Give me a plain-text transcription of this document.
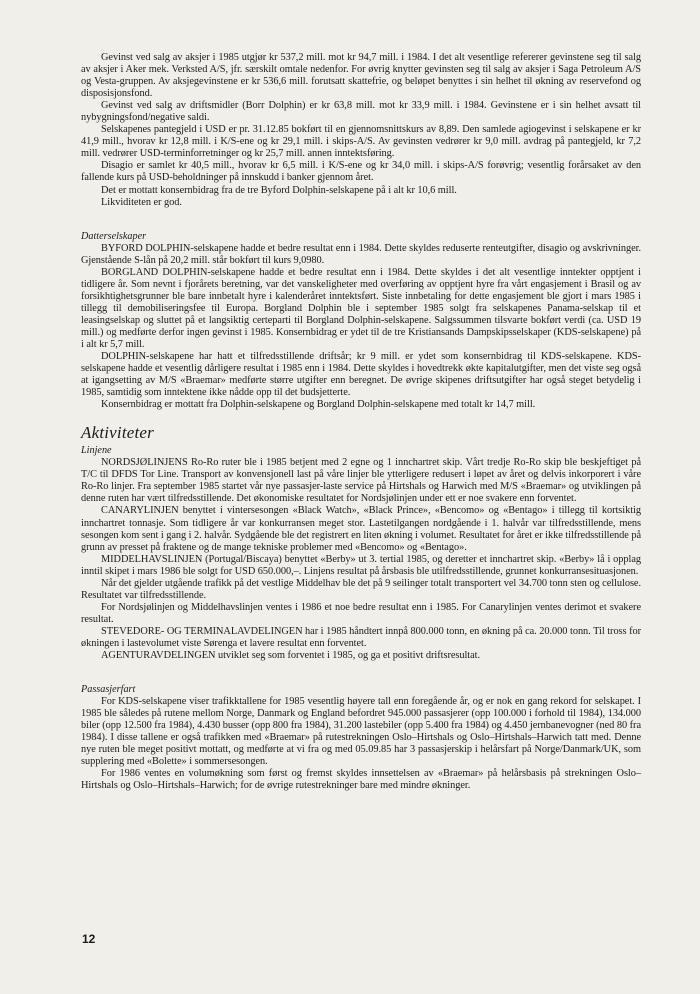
Gevinst ved salg av aksjer i 1985 utgjør kr 537,2 mill. mot kr 94,7 mill. i 1984. I det alt vesentlige refererer gevinstene seg til salg av aksjer i Aker mek. Verksted A/S, jfr. særskilt omtale nedenfor. For øvrig knytter gevinsten seg til salg av aksjer i Saga Petroleum A/S og Vesta-gruppen. Av aksjegevinstene er kr 536,6 mill. forutsatt skattefrie, og beløpet benyttes i sin helhet til økning av reservefond og disposisjonsfond.

Gevinst ved salg av driftsmidler (Borr Dolphin) er kr 63,8 mill. mot kr 33,9 mill. i 1984. Gevinstene er i sin helhet avsatt til nybygningsfond/negative saldi.

Selskapenes pantegjeld i USD er pr. 31.12.85 bokført til en gjennomsnittskurs av 8,89. Den samlede agiogevinst i selskapene er kr 41,9 mill., hvorav kr 12,8 mill. i K/S-ene og kr 29,1 mill. i skips-A/S. Av gevinsten vedrører kr 9,0 mill. avdrag på pantegjeld, kr 7,2 mill. vedrører USD-terminforretninger og kr 25,7 mill. annen inntektsføring.

Disagio er samlet kr 40,5 mill., hvorav kr 6,5 mill. i K/S-ene og kr 34,0 mill. i skips-A/S forøvrig; vesentlig forårsaket av den fallende kurs på USD-beholdninger på innskudd i banker gjennom året.

Det er mottatt konsernbidrag fra de tre Byford Dolphin-selskapene på i alt kr 10,6 mill.

Likviditeten er god.

Datterselskaper

BYFORD DOLPHIN-selskapene hadde et bedre resultat enn i 1984. Dette skyldes reduserte renteutgifter, disagio og avskrivninger. Gjenstående S-lån på 20,2 mill. står bokført til kurs 9,0980.

BORGLAND DOLPHIN-selskapene hadde et bedre resultat enn i 1984. Dette skyldes i det alt vesentlige inntekter opptjent i tidligere år. Som nevnt i fjorårets beretning, var det vanskeligheter med overføring av opptjent hyre fra vårt engasjement i Brasil og av forsikhtighetsgrunner ble bare innbetalt hyre i kalenderåret inntektsført. Siste innbetaling for dette engasjement ble gjort i mars 1985 i tillegg til demobiliseringsfee til Europa. Borgland Dolphin ble i september 1985 solgt fra selskapenes Panama-selskap til et leasingselskap og sluttet på et langsiktig certeparti til Borgland Dolphin-selskapene. Salgssummen tilsvarte bokført verdi (ca. USD 19 mill.) og medførte derfor ingen gevinst i 1985. Konsernbidrag er ydet til de tre Kristiansands Dampskipsselskaper (KDS-selskapene) på i alt kr 5,7 mill.

DOLPHIN-selskapene har hatt et tilfredsstillende driftsår; kr 9 mill. er ydet som konsernbidrag til KDS-selskapene. KDS-selskapene hadde et vesentlig dårligere resultat i 1985 enn i 1984. Dette skyldes i hovedtrekk økte kapitalutgifter, men det viste seg også at igangsetting av M/S «Braemar» medførte større utgifter enn beregnet. De øvrige skipenes driftsutgifter har også steget betydelig i 1985, samtidig som inntektene ikke nådde opp til det budsjetterte.

Konsernbidrag er mottatt fra Dolphin-selskapene og Borgland Dolphin-selskapene med totalt kr 14,7 mill.

Aktiviteter
Linjene

NORDSJØLINJENS Ro-Ro ruter ble i 1985 betjent med 2 egne og 1 innchartret skip. Vårt tredje Ro-Ro skip ble beskjeftiget på T/C til DFDS Tor Line. Transport av konvensjonell last på våre linjer ble ytterligere redusert i løpet av året og delvis inkorporert i våre Ro-Ro linjer. Fra september 1985 startet vår nye passasjer-laste service på Hirtshals og Harwich med M/S «Braemar» og utviklingen på denne ruten har vært tilfredsstillende. Det økonomiske resultatet for Nordsjølinjen under ett er noe svakere enn forventet.

CANARYLINJEN benyttet i vintersesongen «Black Watch», «Black Prince», «Bencomo» og «Bentago» i tillegg til kortsiktig innchartret tonnasje. Som tidligere år var konkurransen meget stor. Lastetilgangen nordgående i 1. halvår var tilfredsstillende, mens sesongen kom sent i gang i 2. halvår. Sydgående ble det registrert en liten økning i volumet. Resultatet for året er ikke tilfredsstillende på grunn av presset på fraktene og de mange tekniske problemer med «Bencomo» og «Bentago».

MIDDELHAVSLINJEN (Portugal/Biscaya) benyttet «Berby» ut 3. tertial 1985, og deretter et innchartret skip. «Berby» lå i opplag inntil skipet i mars 1986 ble solgt for USD 650.000,–. Linjens resultat på årsbasis ble utilfredsstillende, grunnet konkurransesituasjonen.

Når det gjelder utgående trafikk på det vestlige Middelhav ble det på 9 seilinger totalt transportert vel 34.700 tonn sten og cellulose. Resultatet var tilfredsstillende.

For Nordsjølinjen og Middelhavslinjen ventes i 1986 et noe bedre resultat enn i 1985. For Canarylinjen ventes derimot et svakere resultat.

STEVEDORE- OG TERMINALAVDELINGEN har i 1985 håndtert innpå 800.000 tonn, en økning på ca. 20.000 tonn. Til tross for økningen i lastevolumet viste Sørenga et lavere resultat enn forventet.

AGENTURAVDELINGEN utviklet seg som forventet i 1985, og ga et positivt driftsresultat.

Passasjerfart

For KDS-selskapene viser trafikktallene for 1985 vesentlig høyere tall enn foregående år, og er nok en gang rekord for selskapet. I 1985 ble således på rutene mellom Norge, Danmark og England befordret 945.000 passasjerer (opp 100.000 i forhold til 1984), 134.000 biler (opp 12.500 fra 1984), 4.430 busser (opp 800 fra 1984), 31.200 lastebiler (opp 5.400 fra 1984) og 4.450 jernbanevogner (ned 80 fra 1984). I disse tallene er også trafikken med «Braemar» på rutestrekningen Oslo–Hirtshals og Oslo–Hirtshals–Harwich tatt med. Denne nye ruten ble meget positivt mottatt, og medførte at vi fra og med 05.09.85 har 3 passasjerskip i helårsfart på Norge/Danmark/UK, som supplering med «Bolette» i sommersesongen.

For 1986 ventes en volumøkning som først og fremst skyldes innsettelsen av «Braemar» på helårsbasis på strekningen Oslo–Hirtshals og Oslo–Hirtshals–Harwich; for de øvrige rutestrekninger bare med mindre økninger.

12
